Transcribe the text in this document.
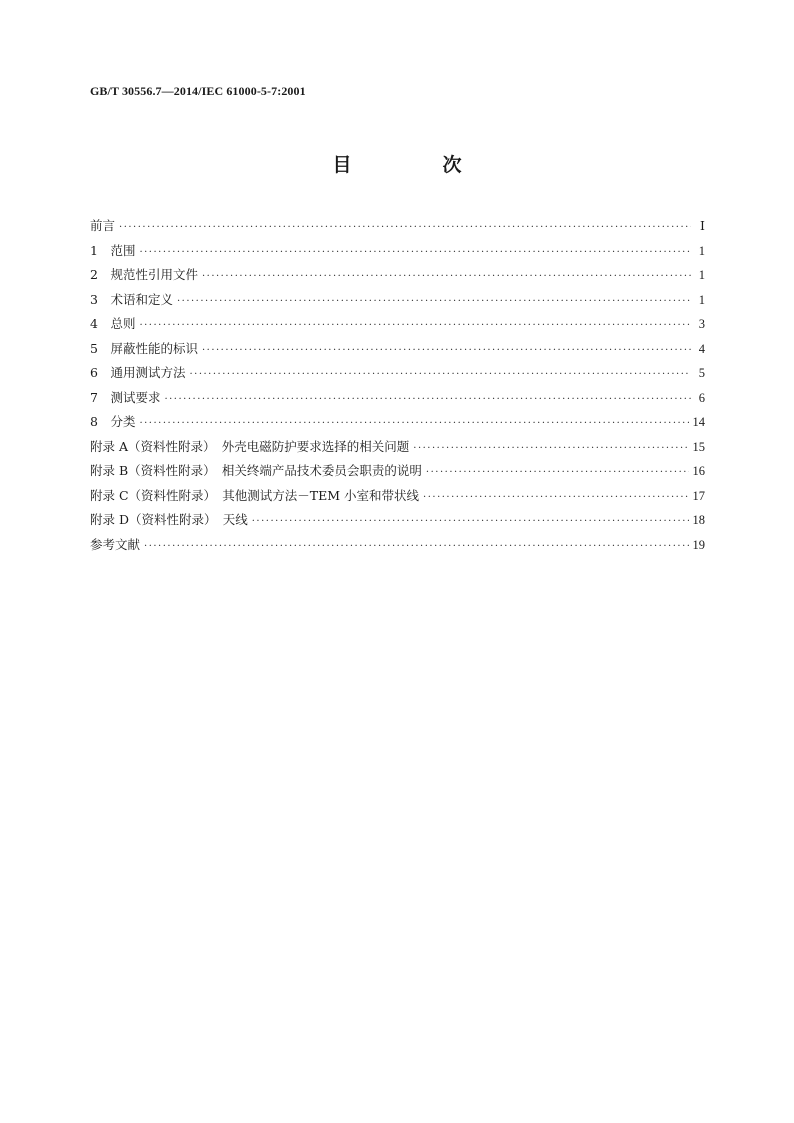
GB/T 30556.7—2014/IEC 61000-5-7:2001
目　次
前言 ·····	Ⅰ
1　范围 ·····	1
2　规范性引用文件 ·····	1
3　术语和定义 ·····	1
4　总则 ·····	3
5　屏蔽性能的标识 ·····	4
6　通用测试方法 ·····	5
7　测试要求 ·····	6
8　分类 ·····	14
附录 A（资料性附录）　外壳电磁防护要求选择的相关问题 ·····	15
附录 B（资料性附录）　相关终端产品技术委员会职责的说明 ·····	16
附录 C（资料性附录）　其他测试方法－TEM 小室和带状线 ·····	17
附录 D（资料性附录）　天线 ·····	18
参考文献 ·····	19
